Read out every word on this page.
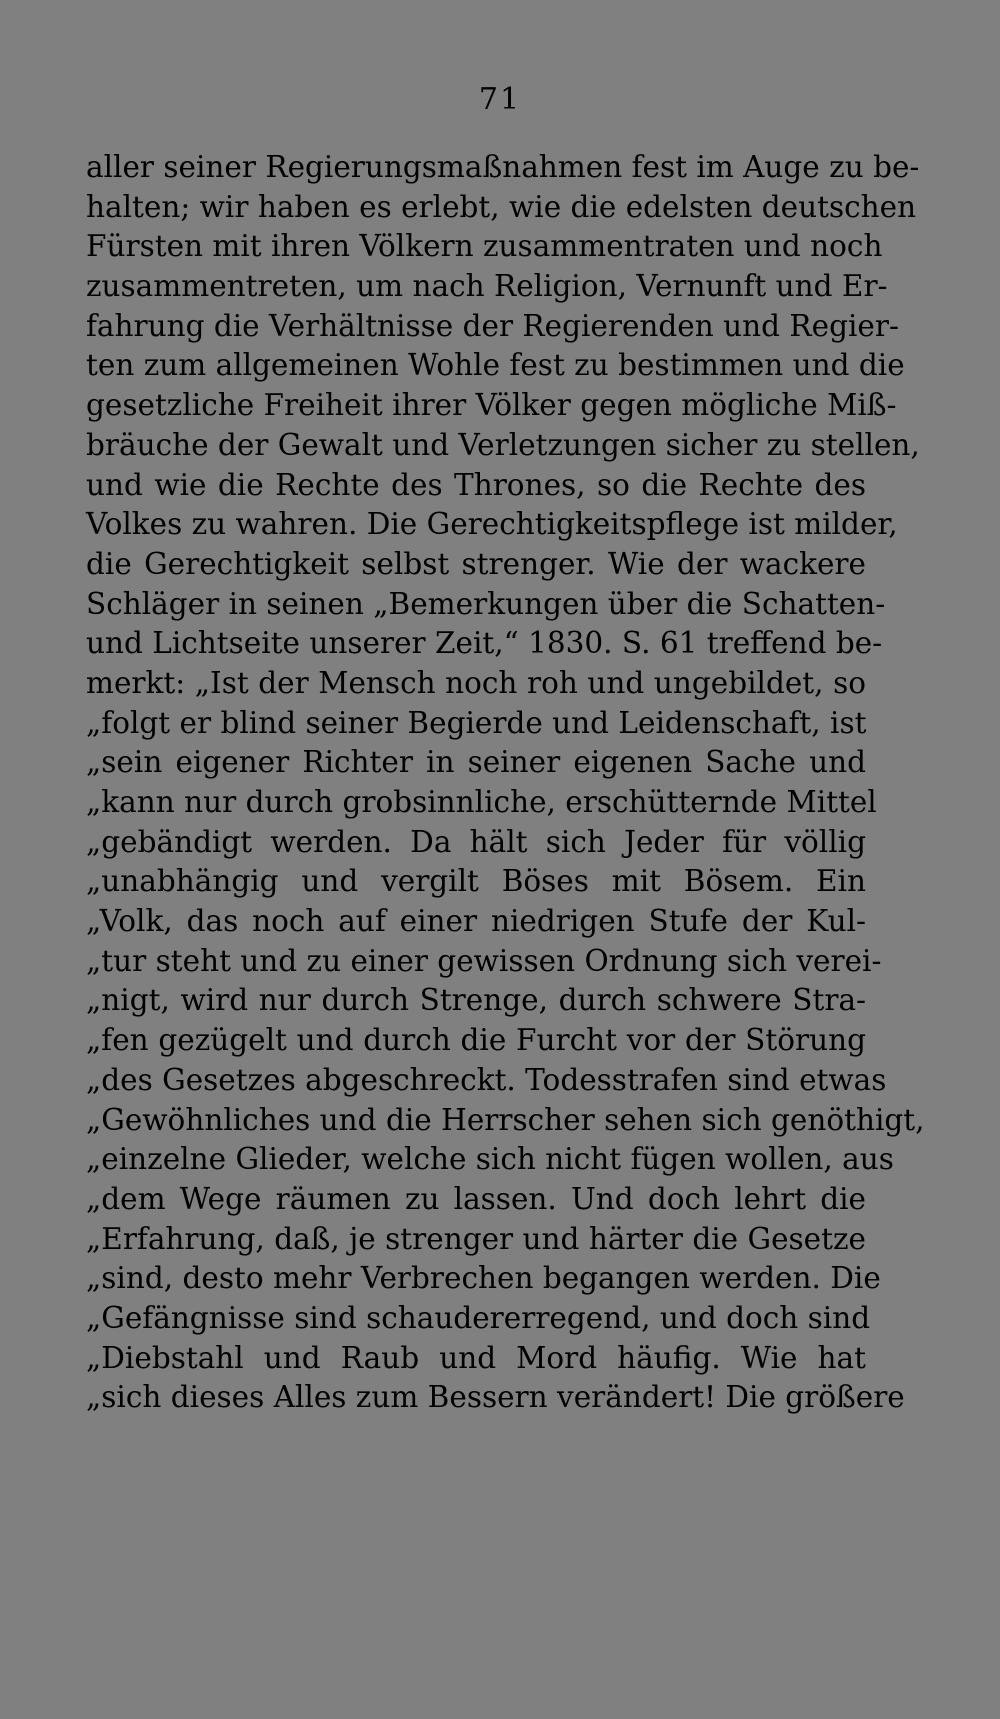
71
aller seiner Regierungsmaßnahmen fest im Auge zu be-
halten; wir haben es erlebt, wie die edelsten deutschen
Fürsten mit ihren Völkern zusammentraten und noch
zusammentreten, um nach Religion, Vernunft und Er-
fahrung die Verhältnisse der Regierenden und Regier-
ten zum allgemeinen Wohle fest zu bestimmen und die
gesetzliche Freiheit ihrer Völker gegen mögliche Miß-
bräuche der Gewalt und Verletzungen sicher zu stellen,
und wie die Rechte des Thrones, so die Rechte des
Volkes zu wahren. Die Gerechtigkeitspflege ist milder,
die Gerechtigkeit selbst strenger. Wie der wackere
Schläger in seinen „Bemerkungen über die Schatten-
und Lichtseite unserer Zeit,“ 1830. S. 61 treffend be-
merkt: „Ist der Mensch noch roh und ungebildet, so
„folgt er blind seiner Begierde und Leidenschaft, ist
„sein eigener Richter in seiner eigenen Sache und
„kann nur durch grobsinnliche, erschütternde Mittel
„gebändigt werden. Da hält sich Jeder für völlig
„unabhängig und vergilt Böses mit Bösem. Ein
„Volk, das noch auf einer niedrigen Stufe der Kul-
„tur steht und zu einer gewissen Ordnung sich verei-
„nigt, wird nur durch Strenge, durch schwere Stra-
„fen gezügelt und durch die Furcht vor der Störung
„des Gesetzes abgeschreckt. Todesstrafen sind etwas
„Gewöhnliches und die Herrscher sehen sich genöthigt,
„einzelne Glieder, welche sich nicht fügen wollen, aus
„dem Wege räumen zu lassen. Und doch lehrt die
„Erfahrung, daß, je strenger und härter die Gesetze
„sind, desto mehr Verbrechen begangen werden. Die
„Gefängnisse sind schaudererregend, und doch sind
„Diebstahl und Raub und Mord häufig. Wie hat
„sich dieses Alles zum Bessern verändert! Die größere
